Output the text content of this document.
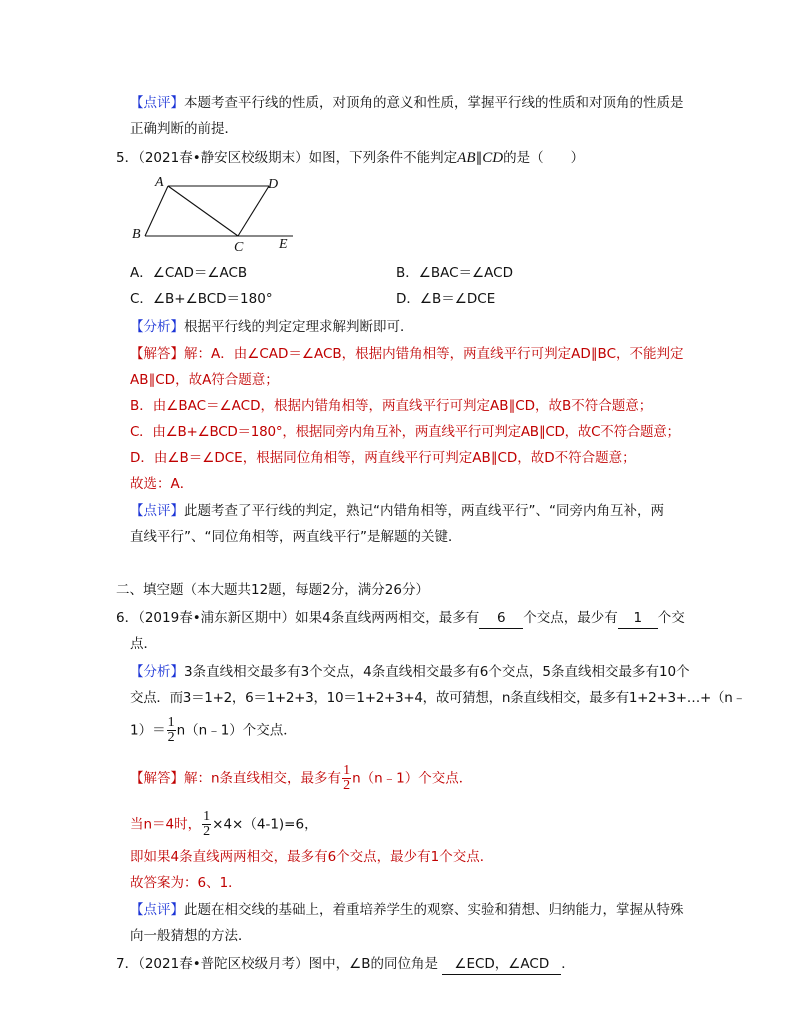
【点评】本题考查平行线的性质，对顶角的意义和性质，掌握平行线的性质和对顶角的性质是
正确判断的前提．
5．（2021春•静安区校级期末）如图，下列条件不能判定AB∥CD的是（　　）
A	D
B
C	E
A．∠CAD＝∠ACB	B．∠BAC＝∠ACD
C．∠B+∠BCD＝180°	D．∠B＝∠DCE
【分析】根据平行线的判定定理求解判断即可．
【解答】解：A．由∠CAD＝∠ACB，根据内错角相等，两直线平行可判定AD∥BC，不能判定
AB∥CD，故A符合题意；
B．由∠BAC＝∠ACD，根据内错角相等，两直线平行可判定AB∥CD，故B不符合题意；
C．由∠B+∠BCD＝180°，根据同旁内角互补，两直线平行可判定AB∥CD，故C不符合题意；
D．由∠B＝∠DCE，根据同位角相等，两直线平行可判定AB∥CD，故D不符合题意；
故选：A．
【点评】此题考查了平行线的判定，熟记“内错角相等，两直线平行”、“同旁内角互补，两
直线平行”、“同位角相等，两直线平行”是解题的关键．
二、填空题（本大题共12题，每题2分，满分26分）
6．（2019春•浦东新区期中）如果4条直线两两相交，最多有 6 个交点，最少有 1 个交
点．
【分析】3条直线相交最多有3个交点，4条直线相交最多有6个交点，5条直线相交最多有10个
交点．而3＝1+2，6＝1+2+3，10＝1+2+3+4，故可猜想，n条直线相交，最多有1+2+3+…+（n﹣
$1)= \frac{1}{2}$ n（n﹣1）个交点．
【解答】解：n条直线相交，最多有 $\frac{1}{2}$ n（n﹣1）个交点．
当n＝4时， $\frac{1}{2} \times 4\times(4-1)=6$，
即如果4条直线两两相交，最多有6个交点，最少有1个交点．
故答案为：6、1．
【点评】此题在相交线的基础上，着重培养学生的观察、实验和猜想、归纳能力，掌握从特殊
向一般猜想的方法．
7．（2021春•普陀区校级月考）图中，∠B的同位角是 ∠ECD，∠ACD ．
